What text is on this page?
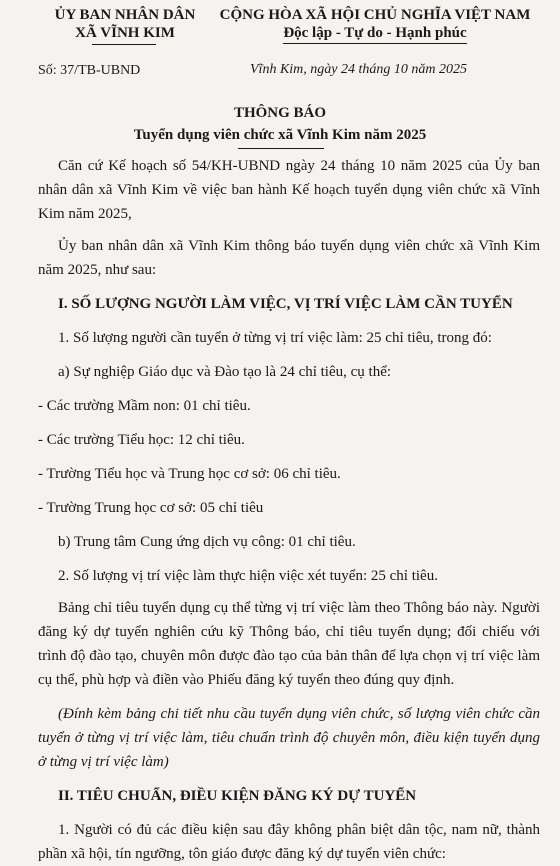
ỦY BAN NHÂN DÂN
XÃ VĨNH KIM
CỘNG HÒA XÃ HỘI CHỦ NGHĨA VIỆT NAM
Độc lập - Tự do - Hạnh phúc
Số: 37/TB-UBND	Vĩnh Kim, ngày 24 tháng 10 năm 2025
THÔNG BÁO
Tuyển dụng viên chức xã Vĩnh Kim năm 2025

Căn cứ Kế hoạch số 54/KH-UBND ngày 24 tháng 10 năm 2025 của Ủy ban nhân dân xã Vĩnh Kim về việc ban hành Kế hoạch tuyển dụng viên chức xã Vĩnh Kim năm 2025,

Ủy ban nhân dân xã Vĩnh Kim thông báo tuyển dụng viên chức xã Vĩnh Kim năm 2025, như sau:

I. SỐ LƯỢNG NGƯỜI LÀM VIỆC, VỊ TRÍ VIỆC LÀM CẦN TUYỂN

1. Số lượng người cần tuyển ở từng vị trí việc làm: 25 chỉ tiêu, trong đó:

a) Sự nghiệp Giáo dục và Đào tạo là 24 chỉ tiêu, cụ thể:

- Các trường Mầm non: 01 chỉ tiêu.

- Các trường Tiểu học: 12 chỉ tiêu.

- Trường Tiểu học và Trung học cơ sở: 06 chỉ tiêu.

- Trường Trung học cơ sở: 05 chỉ tiêu

b) Trung tâm Cung ứng dịch vụ công: 01 chỉ tiêu.

2. Số lượng vị trí việc làm thực hiện việc xét tuyển: 25 chỉ tiêu.

Bảng chỉ tiêu tuyển dụng cụ thể từng vị trí việc làm theo Thông báo này. Người đăng ký dự tuyển nghiên cứu kỹ Thông báo, chỉ tiêu tuyển dụng; đối chiếu với trình độ đào tạo, chuyên môn được đào tạo của bản thân để lựa chọn vị trí việc làm cụ thể, phù hợp và điền vào Phiếu đăng ký tuyển theo đúng quy định.

(Đính kèm bảng chi tiết nhu cầu tuyển dụng viên chức, số lượng viên chức cần tuyển ở từng vị trí việc làm, tiêu chuẩn trình độ chuyên môn, điều kiện tuyển dụng ở từng vị trí việc làm)

II. TIÊU CHUẨN, ĐIỀU KIỆN ĐĂNG KÝ DỰ TUYỂN

1. Người có đủ các điều kiện sau đây không phân biệt dân tộc, nam nữ, thành phần xã hội, tín ngưỡng, tôn giáo được đăng ký dự tuyển viên chức:
